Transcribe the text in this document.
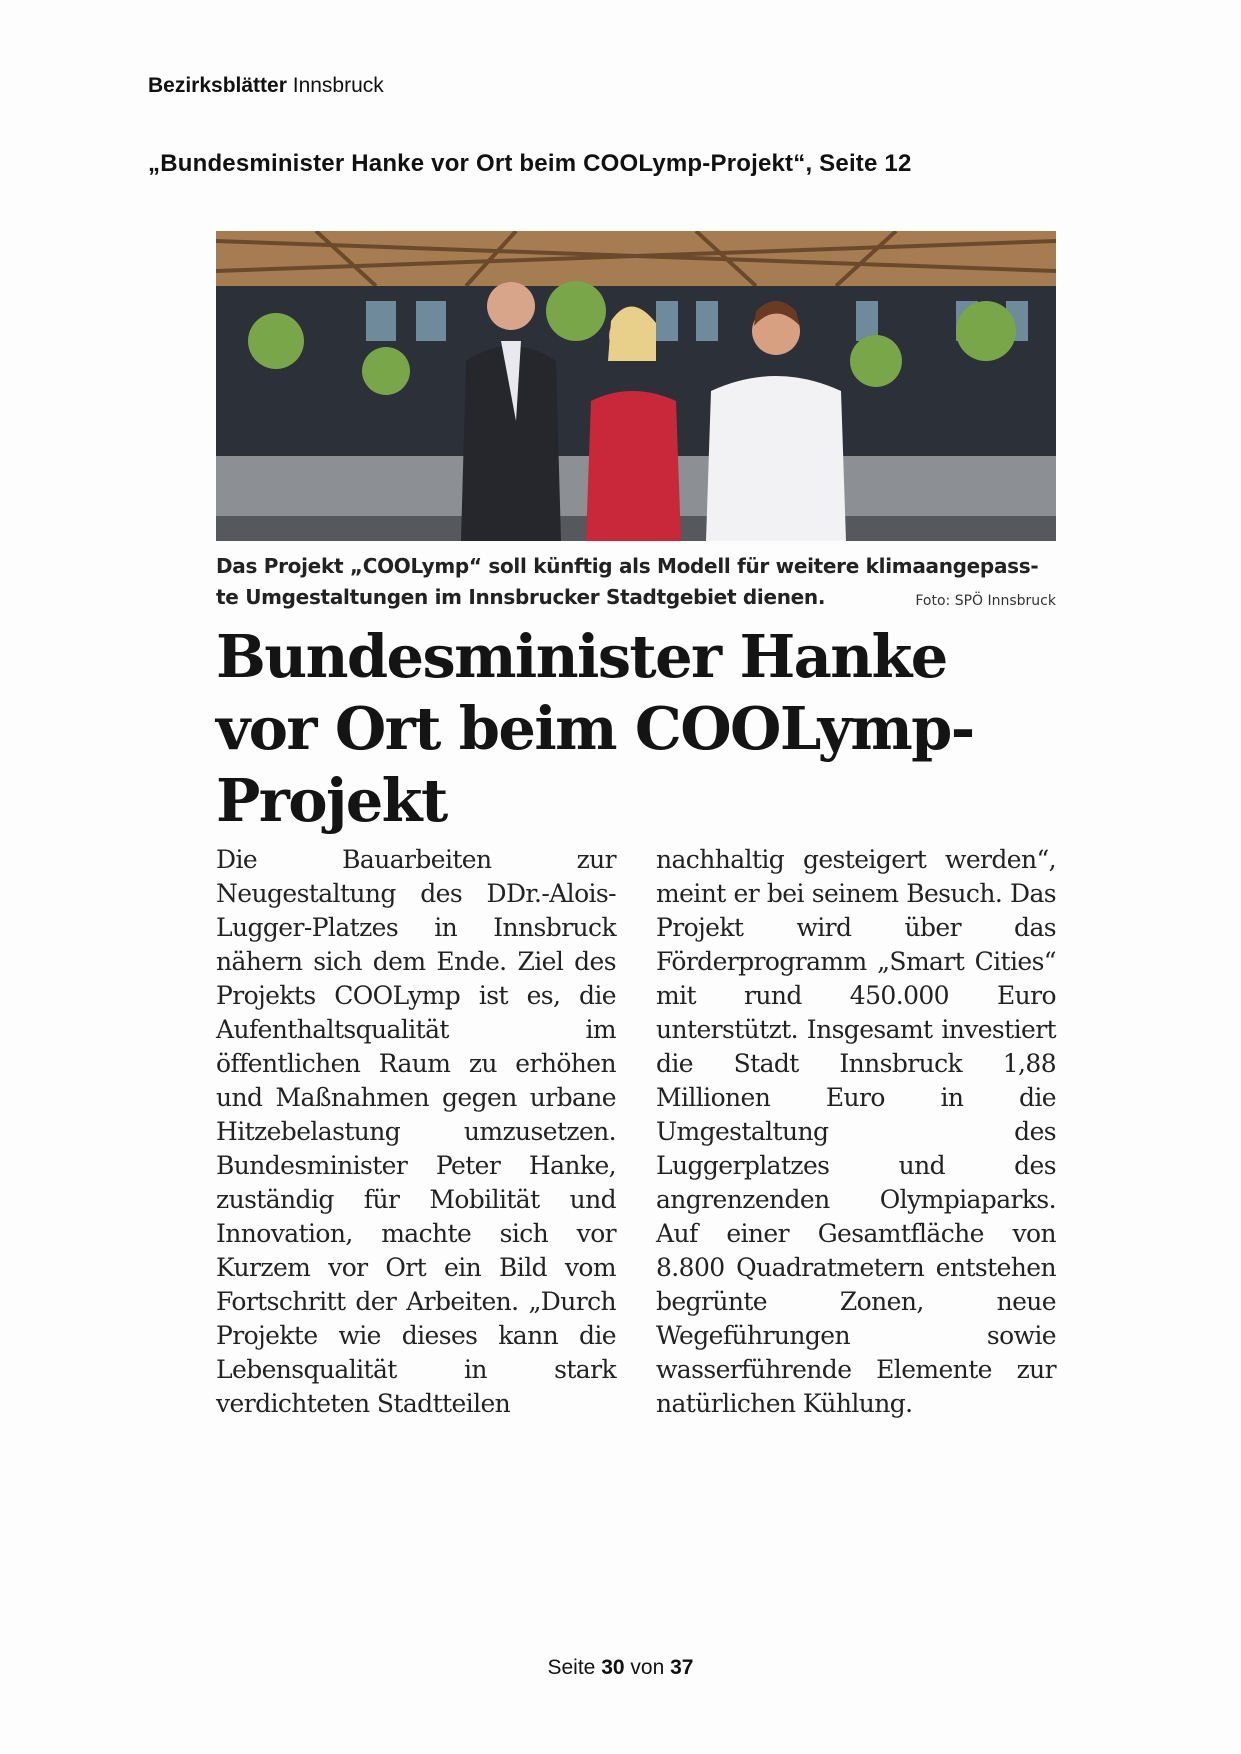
Bezirksblätter Innsbruck
„Bundesminister Hanke vor Ort beim COOLymp-Projekt“, Seite 12
Das Projekt „COOLymp“ soll künftig als Modell für weitere klimaangepass-te Umgestaltungen im Innsbrucker Stadtgebiet dienen.	Foto: SPÖ Innsbruck
Bundesminister Hanke vor Ort beim COOLymp-Projekt
Die Bauarbeiten zur Neugestaltung des DDr.-Alois-Lugger-Platzes in Innsbruck nähern sich dem Ende. Ziel des Projekts COOLymp ist es, die Aufenthaltsqualität im öffentlichen Raum zu erhöhen und Maßnahmen gegen urbane Hitzebelastung umzusetzen. Bundesminister Peter Hanke, zuständig für Mobilität und Innovation, machte sich vor Kurzem vor Ort ein Bild vom Fortschritt der Arbeiten. „Durch Projekte wie dieses kann die Lebensqualität in stark verdichteten Stadtteilen
nachhaltig gesteigert werden“, meint er bei seinem Besuch. Das Projekt wird über das Förderprogramm „Smart Cities“ mit rund 450.000 Euro unterstützt. Insgesamt investiert die Stadt Innsbruck 1,88 Millionen Euro in die Umgestaltung des Luggerplatzes und des angrenzenden Olympiaparks. Auf einer Gesamtfläche von 8.800 Quadratmetern entstehen begrünte Zonen, neue Wegeführungen sowie wasserführende Elemente zur natürlichen Kühlung.
Seite 30 von 37
